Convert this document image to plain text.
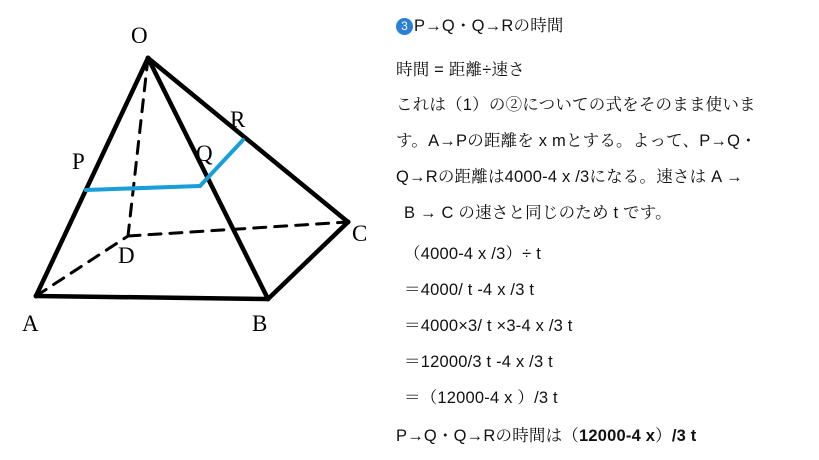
O
P
R
Q
C
D
A	B
3 P→Q・Q→Rの時間
時間 = 距離÷速さ
これは（1）の②についての式をそのまま使いま
す。A→Pの距離を x mとする。よって、P→Q・
Q→Rの距離は4000-4 x /3になる。速さは A →
B → C の速さと同じのため t です。
（4000-4 x /3）÷ t
＝4000/ t -4 x /3 t
＝4000×3/ t ×3-4 x /3 t
＝12000/3 t -4 x /3 t
＝（12000-4 x ）/3 t
P→Q・Q→Rの時間は（12000-4 x）/3 t
